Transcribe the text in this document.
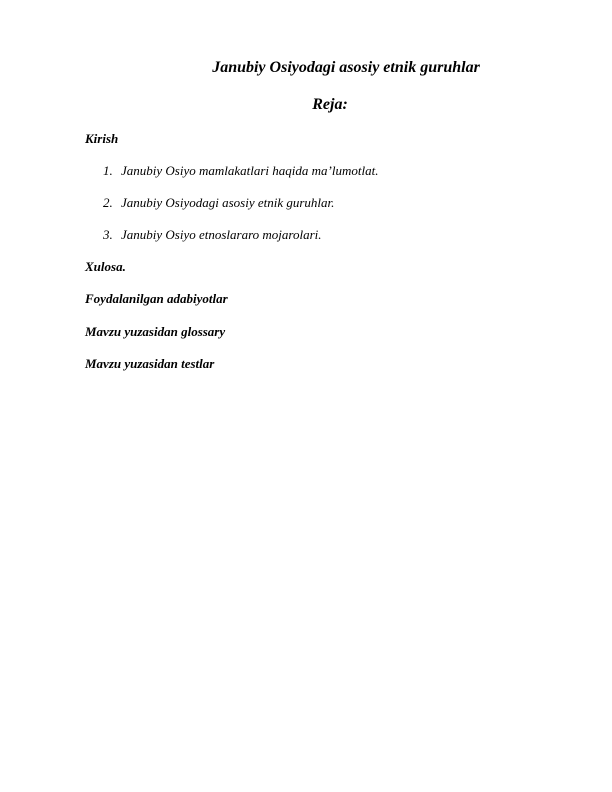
Janubiy Osiyodagi asosiy etnik guruhlar
Reja:
Kirish
1. Janubiy Osiyo mamlakatlari haqida ma’lumotlat.
2. Janubiy Osiyodagi asosiy etnik guruhlar.
3. Janubiy Osiyo etnoslararo mojarolari.
Xulosa.
Foydalanilgan adabiyotlar
Mavzu yuzasidan glossary
Mavzu yuzasidan testlar
